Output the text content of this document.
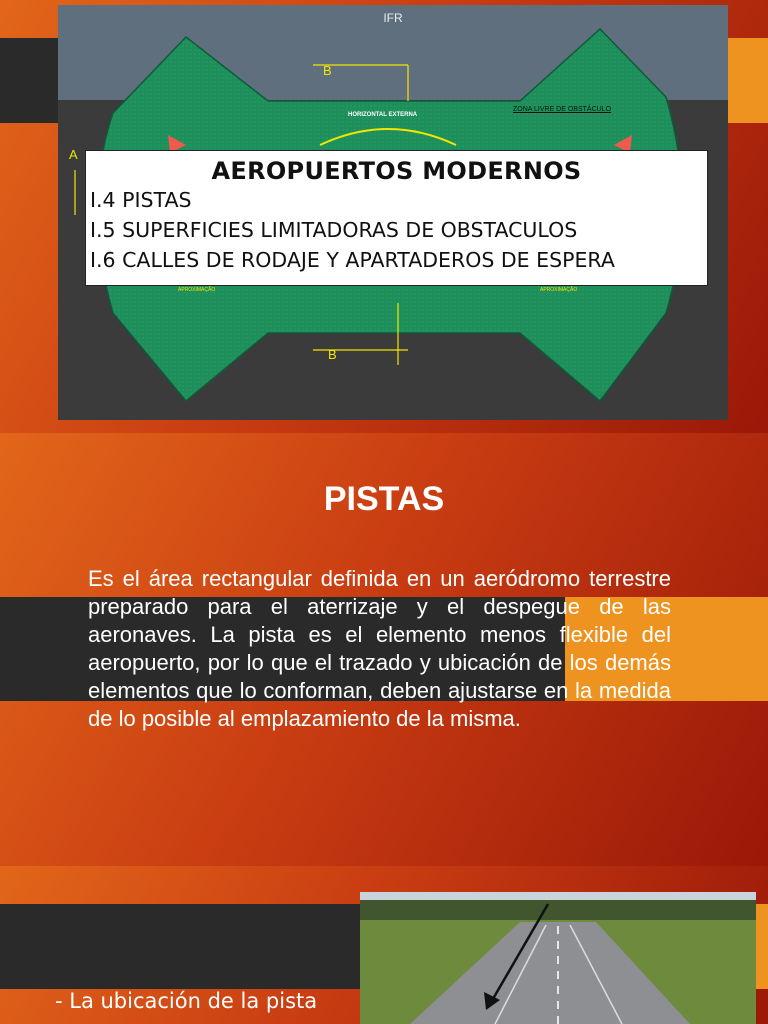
IFR
B
B
A
HORIZONTAL EXTERNA
ZONA LIVRE DE OBSTÁCULO
APROXIMAÇÃO	APROXIMAÇÃO
AEROPUERTOS MODERNOS
I.4 PISTAS
I.5 SUPERFICIES LIMITADORAS DE OBSTACULOS
I.6 CALLES DE RODAJE Y APARTADEROS DE ESPERA
PISTAS
Es el área rectangular definida en un aeródromo terrestre preparado para el aterrizaje y el despegue de las aeronaves. La pista es el elemento menos flexible del aeropuerto, por lo que el trazado y ubicación de los demás elementos que lo conforman, deben ajustarse en la medida de lo posible al emplazamiento de la misma.
- La ubicación de la pista
